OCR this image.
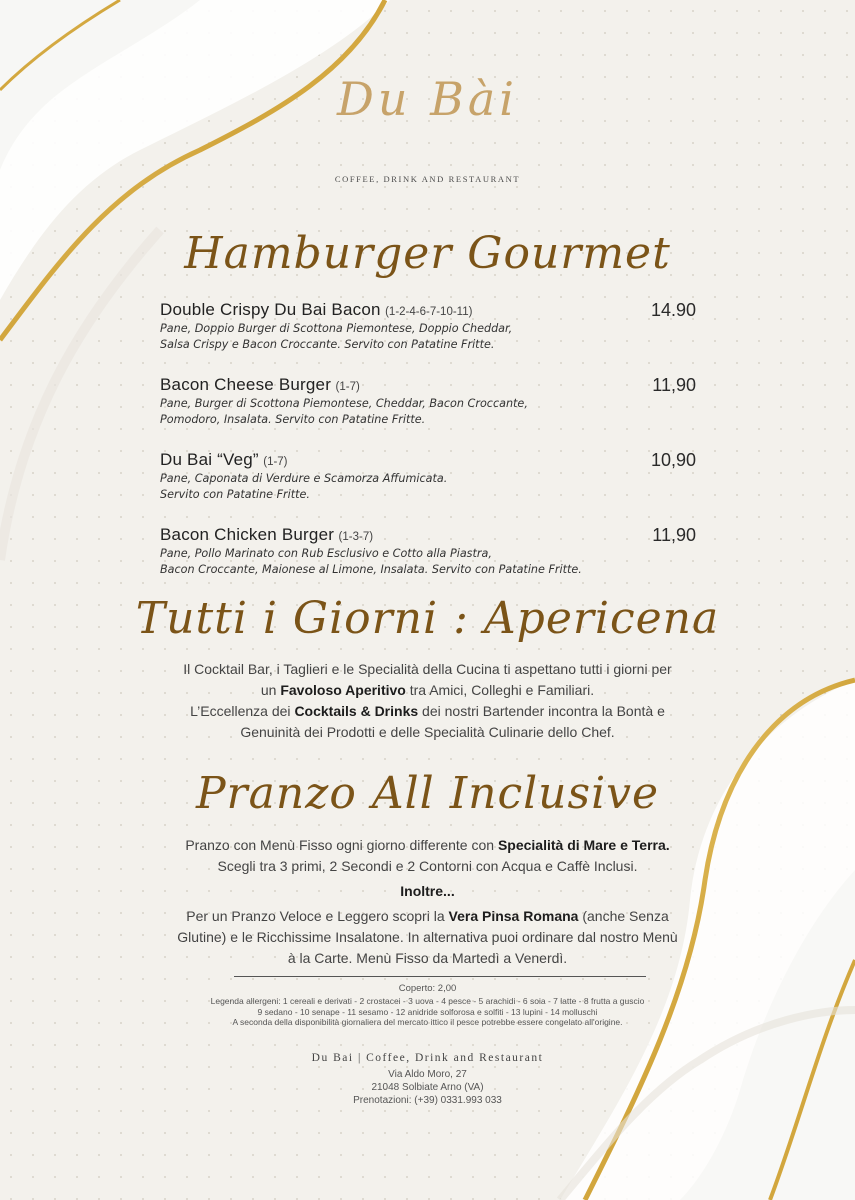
Du Bài
COFFEE, DRINK AND RESTAURANT
Hamburger Gourmet
Double Crispy Du Bai Bacon (1-2-4-6-7-10-11)	14.90
Pane, Doppio Burger di Scottona Piemontese, Doppio Cheddar,
Salsa Crispy e Bacon Croccante. Servito con Patatine Fritte.
Bacon Cheese Burger (1-7)	11,90
Pane, Burger di Scottona Piemontese, Cheddar, Bacon Croccante,
Pomodoro, Insalata. Servito con Patatine Fritte.
Du Bai “Veg” (1-7)	10,90
Pane, Caponata di Verdure e Scamorza Affumicata.
Servito con Patatine Fritte.
Bacon Chicken Burger (1-3-7)	11,90
Pane, Pollo Marinato con Rub Esclusivo e Cotto alla Piastra,
Bacon Croccante, Maionese al Limone, Insalata. Servito con Patatine Fritte.
Tutti i Giorni : Apericena
Il Cocktail Bar, i Taglieri e le Specialità della Cucina ti aspettano tutti i giorni per
un Favoloso Aperitivo tra Amici, Colleghi e Familiari.
L’Eccellenza dei Cocktails & Drinks dei nostri Bartender incontra la Bontà e
Genuinità dei Prodotti e delle Specialità Culinarie dello Chef.
Pranzo All Inclusive
Pranzo con Menù Fisso ogni giorno differente con Specialità di Mare e Terra.
Scegli tra 3 primi, 2 Secondi e 2 Contorni con Acqua e Caffè Inclusi.
Inoltre...
Per un Pranzo Veloce e Leggero scopri la Vera Pinsa Romana (anche Senza
Glutine) e le Ricchissime Insalatone. In alternativa puoi ordinare dal nostro Menù
à la Carte. Menù Fisso da Martedì a Venerdì.
Coperto: 2,00
Legenda allergeni: 1 cereali e derivati - 2 crostacei - 3 uova - 4 pesce - 5 arachidi - 6 soia - 7 latte - 8 frutta a guscio
9 sedano - 10 senape - 11 sesamo - 12 anidride solforosa e solfiti - 13 lupini - 14 molluschi
A seconda della disponibilità giornaliera del mercato ittico il pesce potrebbe essere congelato all'origine.
Du Bai | Coffee, Drink and Restaurant
Via Aldo Moro, 27
21048 Solbiate Arno (VA)
Prenotazioni: (+39) 0331.993 033
